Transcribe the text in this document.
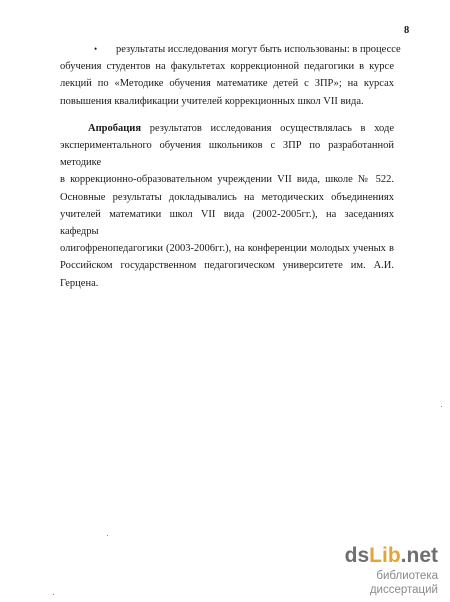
8
•	результаты исследования могут быть использованы: в процессе
обучения студентов на факультетах коррекционной педагогики в курсе
лекций по «Методике обучения математике детей с ЗПР»; на курсах
повышения квалификации учителей коррекционных школ VII вида.
Апробация результатов исследования осуществлялась в ходе
экспериментального обучения школьников с ЗПР по разработанной методике
в коррекционно-образовательном учреждении VII вида, школе № 522.
Основные результаты докладывались на методических объединениях
учителей математики школ VII вида (2002-2005гг.), на заседаниях кафедры
олигофренопедагогики (2003-2006гг.), на конференции молодых ученых в
Российском государственном педагогическом университете им. А.И.
Герцена.
dsLib.net
библиотека диссертаций
